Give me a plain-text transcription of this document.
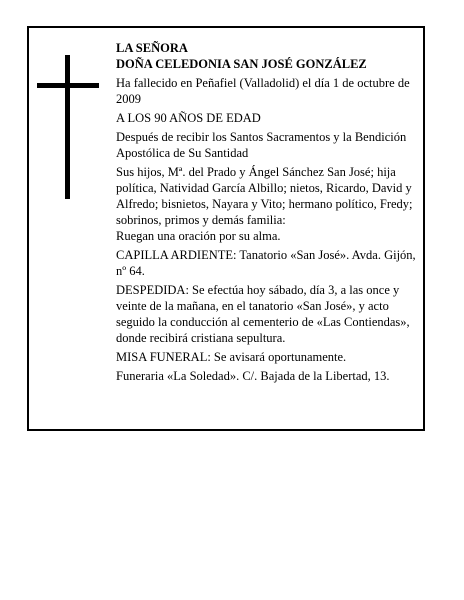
LA SEÑORA

DOÑA CELEDONIA SAN JOSÉ GONZÁLEZ

Ha fallecido en Peñafiel (Valladolid) el día 1 de octubre de 2009

A LOS 90 AÑOS DE EDAD

Después de recibir los Santos Sacramentos y la Bendición Apostólica de Su Santidad

Sus hijos, Mª. del Prado y Ángel Sánchez San José; hija política, Natividad García Albillo; nietos, Ricardo, David y Alfredo; bisnietos, Nayara y Vito; hermano político, Fredy; sobrinos, primos y demás familia:

Ruegan una oración por su alma.

CAPILLA ARDIENTE: Tanatorio «San José». Avda. Gijón, nº 64.

DESPEDIDA: Se efectúa hoy sábado, día 3, a las once y veinte de la mañana, en el tanatorio «San José», y acto seguido la conducción al cementerio de «Las Contiendas», donde recibirá cristiana sepultura.

MISA FUNERAL: Se avisará oportunamente.

Funeraria «La Soledad». C/. Bajada de la Libertad, 13.
